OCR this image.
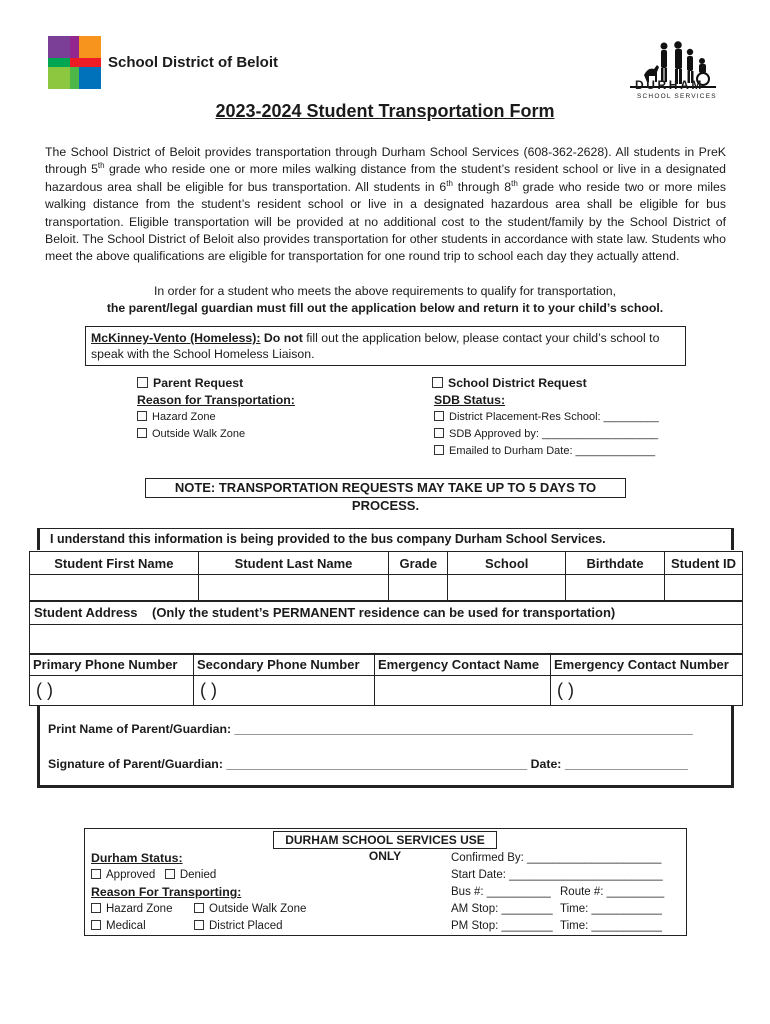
School District of Beloit
DURHAM
SCHOOL SERVICES
2023-2024 Student Transportation Form
The School District of Beloit provides transportation through Durham School Services (608-362-2628). All students in PreK through 5th grade who reside one or more miles walking distance from the student’s resident school or live in a designated hazardous area shall be eligible for bus transportation. All students in 6th through 8th grade who reside two or more miles walking distance from the student’s resident school or live in a designated hazardous area shall be eligible for bus transportation. Eligible transportation will be provided at no additional cost to the student/family by the School District of Beloit. The School District of Beloit also provides transportation for other students in accordance with state law. Students who meet the above qualifications are eligible for transportation for one round trip to school each day they actually attend.
In order for a student who meets the above requirements to qualify for transportation,
the parent/legal guardian must fill out the application below and return it to your child’s school.
McKinney-Vento (Homeless): Do not fill out the application below, please contact your child’s school to speak with the School Homeless Liaison.
Parent Request
Reason for Transportation:
Hazard Zone
Outside Walk Zone
School District Request
SDB Status:
District Placement-Res School: _________
SDB Approved by: ___________________
Emailed to Durham Date: _____________
NOTE: TRANSPORTATION REQUESTS MAY TAKE UP TO 5 DAYS TO PROCESS.
I understand this information is being provided to the bus company Durham School Services.
Student First Name	Student Last Name	Grade	School	Birthdate	Student ID

Student Address (Only the student’s PERMANENT residence can be used for transportation)

Primary Phone Number	Secondary Phone Number	Emergency Contact Name	Emergency Contact Number
( )	( )		( )
Print Name of Parent/Guardian: ___________________________________________________________________
Signature of Parent/Guardian: ____________________________________________ Date: __________________
DURHAM SCHOOL SERVICES USE ONLY
Durham Status:
Approved Denied
Reason For Transporting:
Hazard Zone	Outside Walk Zone
Medical	District Placed
Confirmed By: _____________________
Start Date: ________________________
Bus #: __________ Route #: _________
AM Stop: ________ Time: ___________
PM Stop: ________ Time: ___________
